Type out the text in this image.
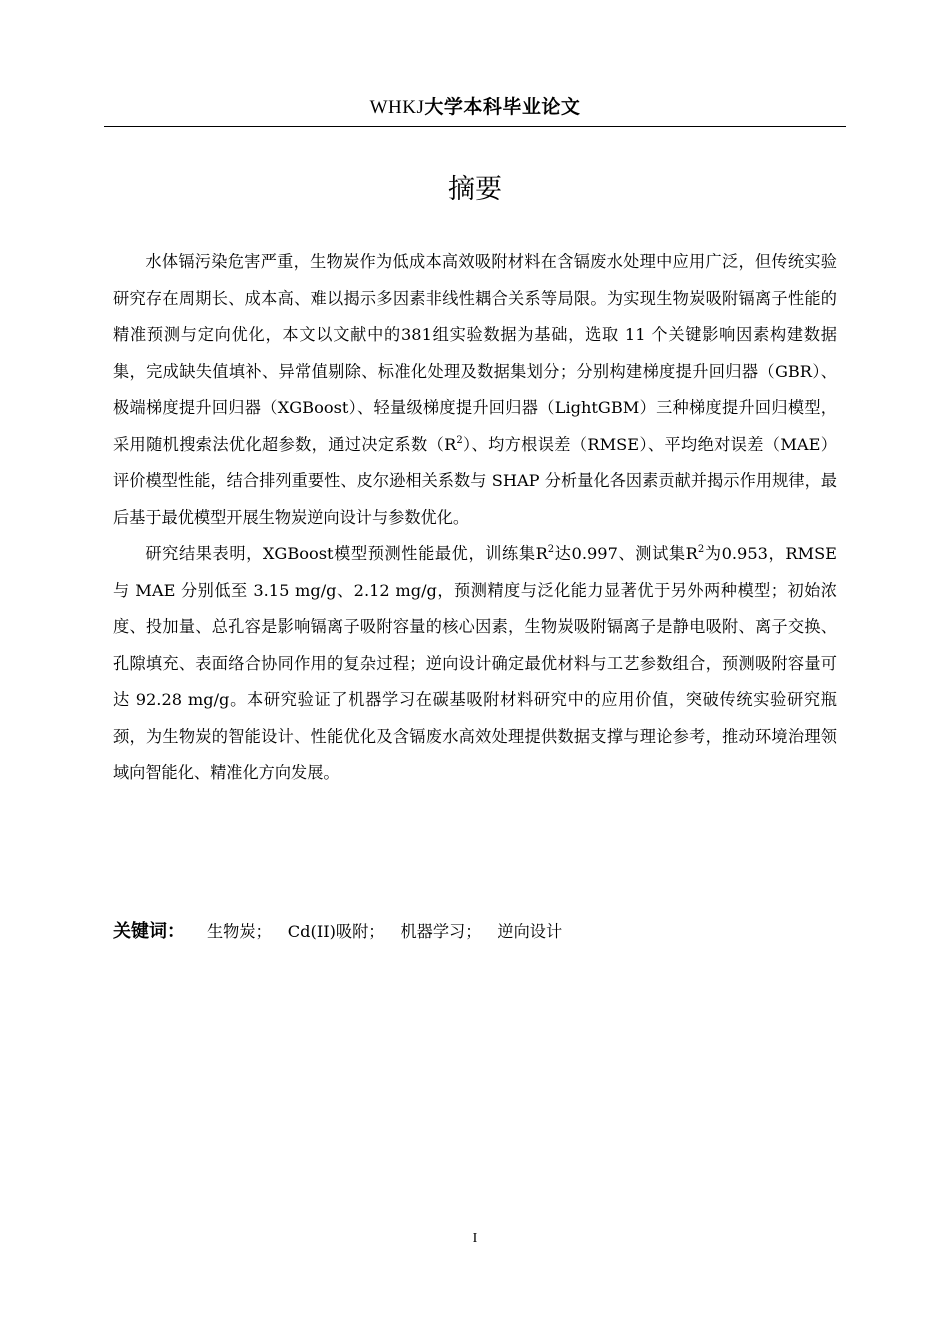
WHKJ大学本科毕业论文
摘要

水体镉污染危害严重，生物炭作为低成本高效吸附材料在含镉废水处理中应用广泛，但传统实验研究存在周期长、成本高、难以揭示多因素非线性耦合关系等局限。为实现生物炭吸附镉离子性能的精准预测与定向优化，本文以文献中的381组实验数据为基础，选取 11 个关键影响因素构建数据集，完成缺失值填补、异常值剔除、标准化处理及数据集划分；分别构建梯度提升回归器（GBR）、极端梯度提升回归器（XGBoost）、轻量级梯度提升回归器（LightGBM）三种梯度提升回归模型，采用随机搜索法优化超参数，通过决定系数$(R^2)$、均方根误差（RMSE）、平均绝对误差（MAE）评价模型性能，结合排列重要性、皮尔逊相关系数与 SHAP 分析量化各因素贡献并揭示作用规律，最后基于最优模型开展生物炭逆向设计与参数优化。

研究结果表明，XGBoost模型预测性能最优，训练集$R^2$达0.997、测试集$R^2$为0.953，RMSE 与 MAE 分别低至 3.15 mg/g、2.12 mg/g，预测精度与泛化能力显著优于另外两种模型；初始浓度、投加量、总孔容是影响镉离子吸附容量的核心因素，生物炭吸附镉离子是静电吸附、离子交换、孔隙填充、表面络合协同作用的复杂过程；逆向设计确定最优材料与工艺参数组合，预测吸附容量可达 92.28 mg/g。本研究验证了机器学习在碳基吸附材料研究中的应用价值，突破传统实验研究瓶颈，为生物炭的智能设计、性能优化及含镉废水高效处理提供数据支撑与理论参考，推动环境治理领域向智能化、精准化方向发展。

关键词： 生物炭； Cd(II)吸附； 机器学习； 逆向设计
I
